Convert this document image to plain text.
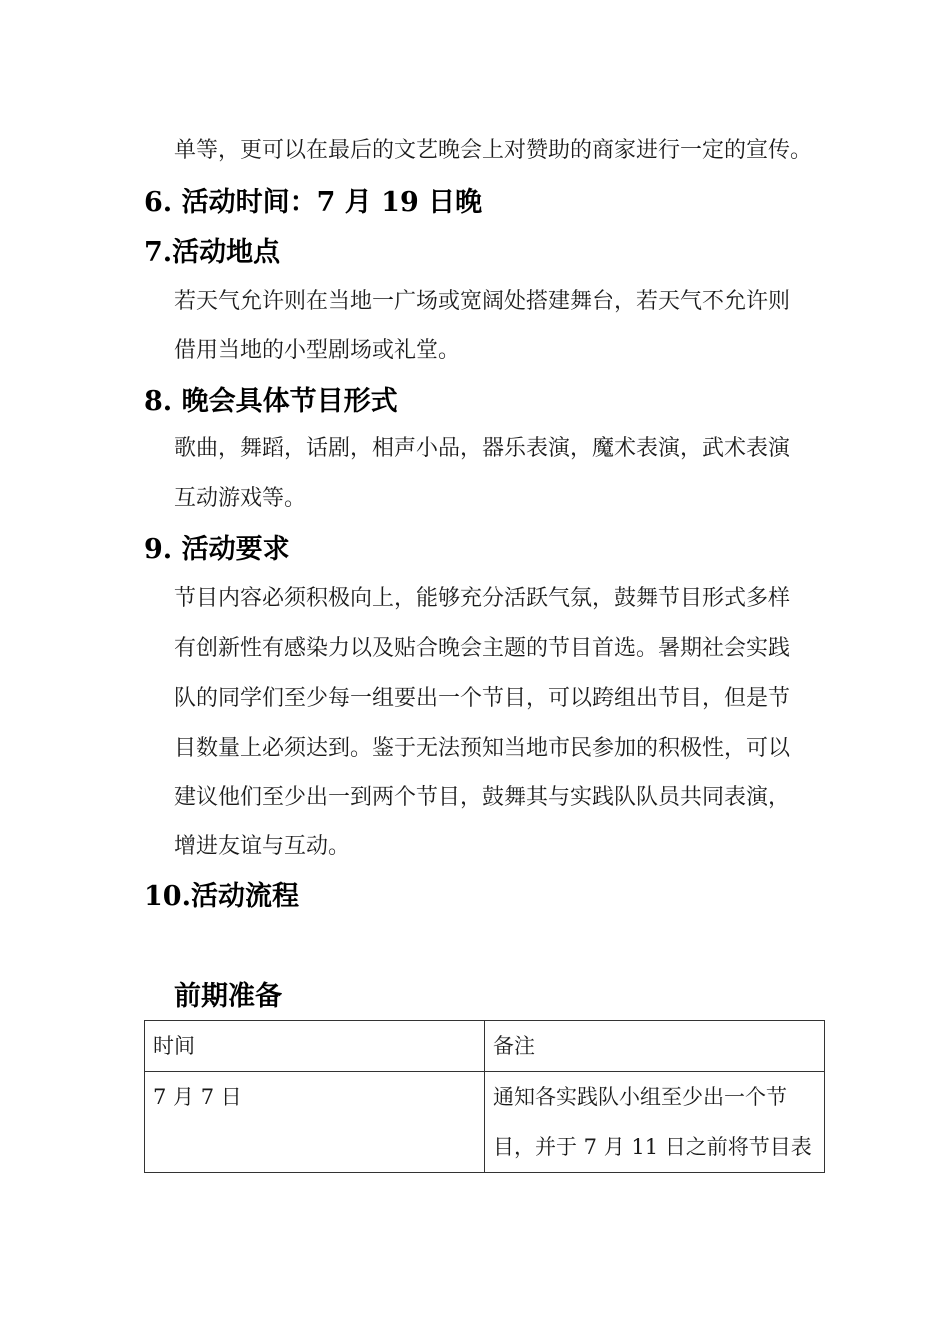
单等，更可以在最后的文艺晚会上对赞助的商家进行一定的宣传。
6. 活动时间：7 月 19 日晚
7.活动地点
若天气允许则在当地一广场或宽阔处搭建舞台，若天气不允许则
借用当地的小型剧场或礼堂。
8. 晚会具体节目形式
歌曲，舞蹈，话剧，相声小品，器乐表演，魔术表演，武术表演
互动游戏等。
9. 活动要求
节目内容必须积极向上，能够充分活跃气氛，鼓舞节目形式多样
有创新性有感染力以及贴合晚会主题的节目首选。暑期社会实践
队的同学们至少每一组要出一个节目，可以跨组出节目，但是节
目数量上必须达到。鉴于无法预知当地市民参加的积极性，可以
建议他们至少出一到两个节目，鼓舞其与实践队队员共同表演，
增进友谊与互动。
10.活动流程
前期准备
时间	备注
7 月 7 日	通知各实践队小组至少出一个节
目，并于 7 月 11 日之前将节目表
